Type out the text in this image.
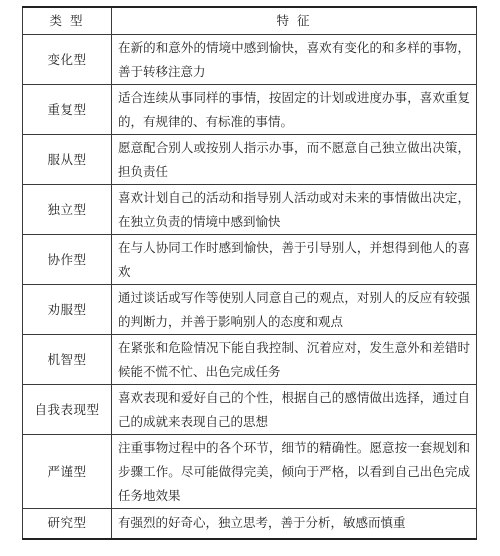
类 型	特 征
变化型	在新的和意外的情境中感到愉快，喜欢有变化的和多样的事物，善于转移注意力
重复型	适合连续从事同样的事情，按固定的计划或进度办事，喜欢重复的，有规律的、有标准的事情。
服从型	愿意配合别人或按别人指示办事，而不愿意自己独立做出决策，担负责任
独立型	喜欢计划自己的活动和指导别人活动或对未来的事情做出决定，在独立负责的情境中感到愉快
协作型	在与人协同工作时感到愉快，善于引导别人，并想得到他人的喜欢
劝服型	通过谈话或写作等使别人同意自己的观点，对别人的反应有较强的判断力，并善于影响别人的态度和观点
机智型	在紧张和危险情况下能自我控制、沉着应对，发生意外和差错时候能不慌不忙、出色完成任务
自我表现型	喜欢表现和爱好自己的个性，根据自己的感情做出选择，通过自己的成就来表现自己的思想
严谨型	注重事物过程中的各个环节，细节的精确性。愿意按一套规划和步骤工作。尽可能做得完美，倾向于严格，以看到自己出色完成任务地效果
研究型	有强烈的好奇心，独立思考，善于分析，敏感而慎重
